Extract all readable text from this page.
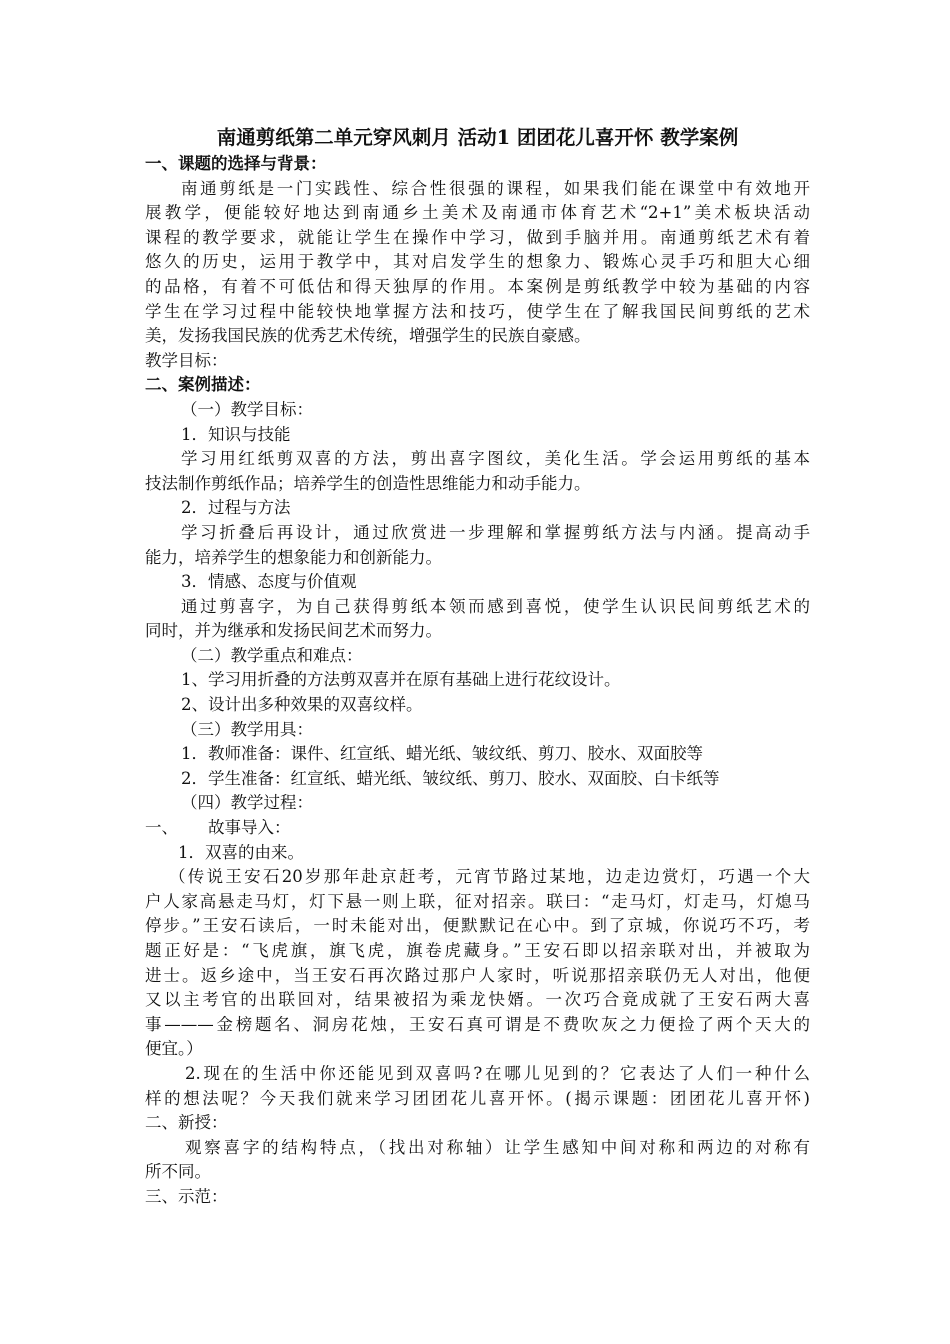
南通剪纸第二单元穿风刺月 活动1 团团花儿喜开怀 教学案例
一、课题的选择与背景：
南通剪纸是一门实践性、综合性很强的课程，如果我们能在课堂中有效地开
展教学，便能较好地达到南通乡土美术及南通市体育艺术“2+1”美术板块活动
课程的教学要求，就能让学生在操作中学习，做到手脑并用。南通剪纸艺术有着
悠久的历史，运用于教学中，其对启发学生的想象力、锻炼心灵手巧和胆大心细
的品格，有着不可低估和得天独厚的作用。本案例是剪纸教学中较为基础的内容
学生在学习过程中能较快地掌握方法和技巧，使学生在了解我国民间剪纸的艺术
美，发扬我国民族的优秀艺术传统，增强学生的民族自豪感。
教学目标：
二、案例描述：
（一）教学目标：
1．知识与技能
学习用红纸剪双喜的方法，剪出喜字图纹，美化生活。学会运用剪纸的基本
技法制作剪纸作品；培养学生的创造性思维能力和动手能力。
2．过程与方法
学习折叠后再设计，通过欣赏进一步理解和掌握剪纸方法与内涵。提高动手
能力，培养学生的想象能力和创新能力。
3．情感、态度与价值观
通过剪喜字，为自己获得剪纸本领而感到喜悦，使学生认识民间剪纸艺术的
同时，并为继承和发扬民间艺术而努力。
（二）教学重点和难点：
1、学习用折叠的方法剪双喜并在原有基础上进行花纹设计。
2、设计出多种效果的双喜纹样。
（三）教学用具：
1．教师准备：课件、红宣纸、蜡光纸、皱纹纸、剪刀、胶水、双面胶等
2．学生准备：红宣纸、蜡光纸、皱纹纸、剪刀、胶水、双面胶、白卡纸等
（四）教学过程：
一、 故事导入：
1．双喜的由来。
（传说王安石20岁那年赴京赶考，元宵节路过某地，边走边赏灯，巧遇一个大
户人家高悬走马灯，灯下悬一则上联，征对招亲。联曰：“走马灯，灯走马，灯熄马
停步。”王安石读后，一时未能对出，便默默记在心中。到了京城，你说巧不巧，考
题正好是：“飞虎旗，旗飞虎，旗卷虎藏身。”王安石即以招亲联对出，并被取为
进士。返乡途中，当王安石再次路过那户人家时，听说那招亲联仍无人对出，他便
又以主考官的出联回对，结果被招为乘龙快婿。一次巧合竟成就了王安石两大喜
事———金榜题名、洞房花烛，王安石真可谓是不费吹灰之力便捡了两个天大的
便宜。）
2.现在的生活中你还能见到双喜吗?在哪儿见到的？它表达了人们一种什么
样的想法呢？今天我们就来学习团团花儿喜开怀。(揭示课题：团团花儿喜开怀)
二、新授：
观察喜字的结构特点，（找出对称轴）让学生感知中间对称和两边的对称有
所不同。
三、示范：
